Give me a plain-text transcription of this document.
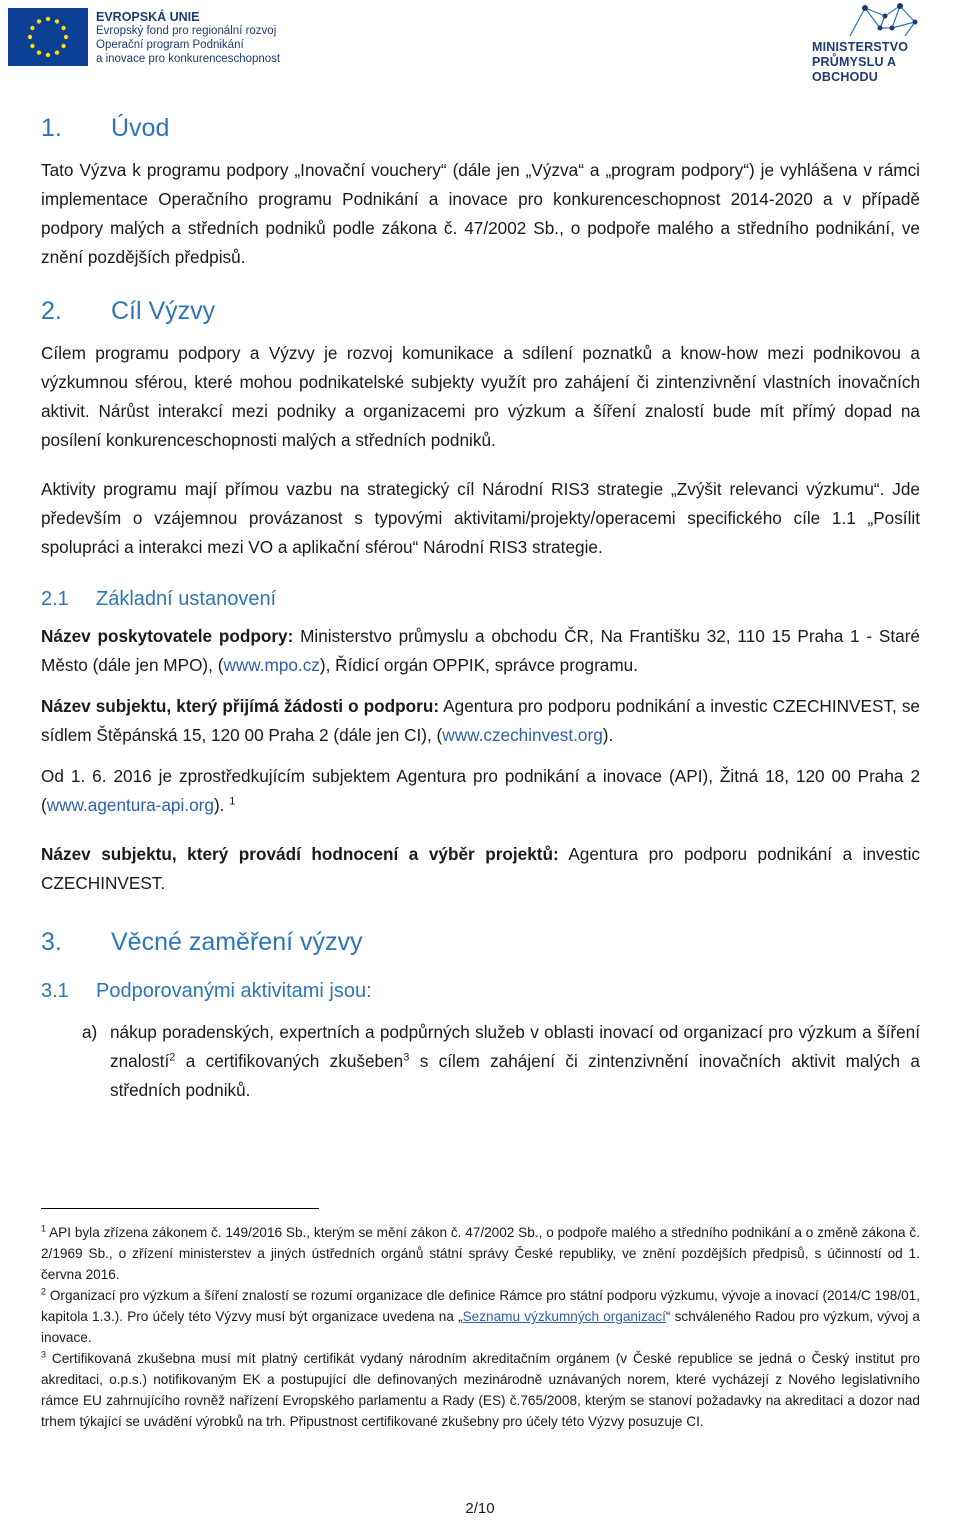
EVROPSKÁ UNIE
Evropský fond pro regionální rozvoj
Operační program Podnikání
a inovace pro konkurenceschopnost
MINISTERSTVO
PRŮMYSLU A OBCHODU
1. Úvod

Tato Výzva k programu podpory „Inovační vouchery“ (dále jen „Výzva“ a „program podpory“) je vyhlášena v rámci implementace Operačního programu Podnikání a inovace pro konkurenceschopnost 2014-2020 a v případě podpory malých a středních podniků podle zákona č. 47/2002 Sb., o podpoře malého a středního podnikání, ve znění pozdějších předpisů.

2. Cíl Výzvy

Cílem programu podpory a Výzvy je rozvoj komunikace a sdílení poznatků a know-how mezi podnikovou a výzkumnou sférou, které mohou podnikatelské subjekty využít pro zahájení či zintenzivnění vlastních inovačních aktivit. Nárůst interakcí mezi podniky a organizacemi pro výzkum a šíření znalostí bude mít přímý dopad na posílení konkurenceschopnosti malých a středních podniků.

Aktivity programu mají přímou vazbu na strategický cíl Národní RIS3 strategie „Zvýšit relevanci výzkumu“. Jde především o vzájemnou provázanost s typovými aktivitami/projekty/operacemi specifického cíle 1.1 „Posílit spolupráci a interakci mezi VO a aplikační sférou“ Národní RIS3 strategie.

2.1 Základní ustanovení

Název poskytovatele podpory: Ministerstvo průmyslu a obchodu ČR, Na Františku 32, 110 15 Praha 1 - Staré Město (dále jen MPO), (www.mpo.cz), Řídicí orgán OPPIK, správce programu.

Název subjektu, který přijímá žádosti o podporu: Agentura pro podporu podnikání a investic CZECHINVEST, se sídlem Štěpánská 15, 120 00 Praha 2 (dále jen CI), (www.czechinvest.org).

Od 1. 6. 2016 je zprostředkujícím subjektem Agentura pro podnikání a inovace (API), Žitná 18, 120 00 Praha 2 (www.agentura-api.org). $^1$

Název subjektu, který provádí hodnocení a výběr projektů: Agentura pro podporu podnikání a investic CZECHINVEST.

3. Věcné zaměření výzvy
3.1 Podporovanými aktivitami jsou:
a) nákup poradenských, expertních a podpůrných služeb v oblasti inovací od organizací pro výzkum a šíření znalostí$^2$ a certifikovaných zkušeben$^3$ s cílem zahájení či zintenzivnění inovačních aktivit malých a středních podniků.

$^1$ API byla zřízena zákonem č. 149/2016 Sb., kterým se mění zákon č. 47/2002 Sb., o podpoře malého a středního podnikání a o změně zákona č. 2/1969 Sb., o zřízení ministerstev a jiných ústředních orgánů státní správy České republiky, ve znění pozdějších předpisů, s účinností od 1. června 2016.

$^2$ Organizací pro výzkum a šíření znalostí se rozumí organizace dle definice Rámce pro státní podporu výzkumu, vývoje a inovací (2014/C 198/01, kapitola 1.3.). Pro účely této Výzvy musí být organizace uvedena na „Seznamu výzkumných organizací“ schváleného Radou pro výzkum, vývoj a inovace.

$^3$ Certifikovaná zkušebna musí mít platný certifikát vydaný národním akreditačním orgánem (v České republice se jedná o Český institut pro akreditaci, o.p.s.) notifikovaným EK a postupující dle definovaných mezinárodně uznávaných norem, které vycházejí z Nového legislativního rámce EU zahrnujícího rovněž nařízení Evropského parlamentu a Rady (ES) č.765/2008, kterým se stanoví požadavky na akreditaci a dozor nad trhem týkající se uvádění výrobků na trh. Připustnost certifikované zkušebny pro účely této Výzvy posuzuje CI.

2/10
